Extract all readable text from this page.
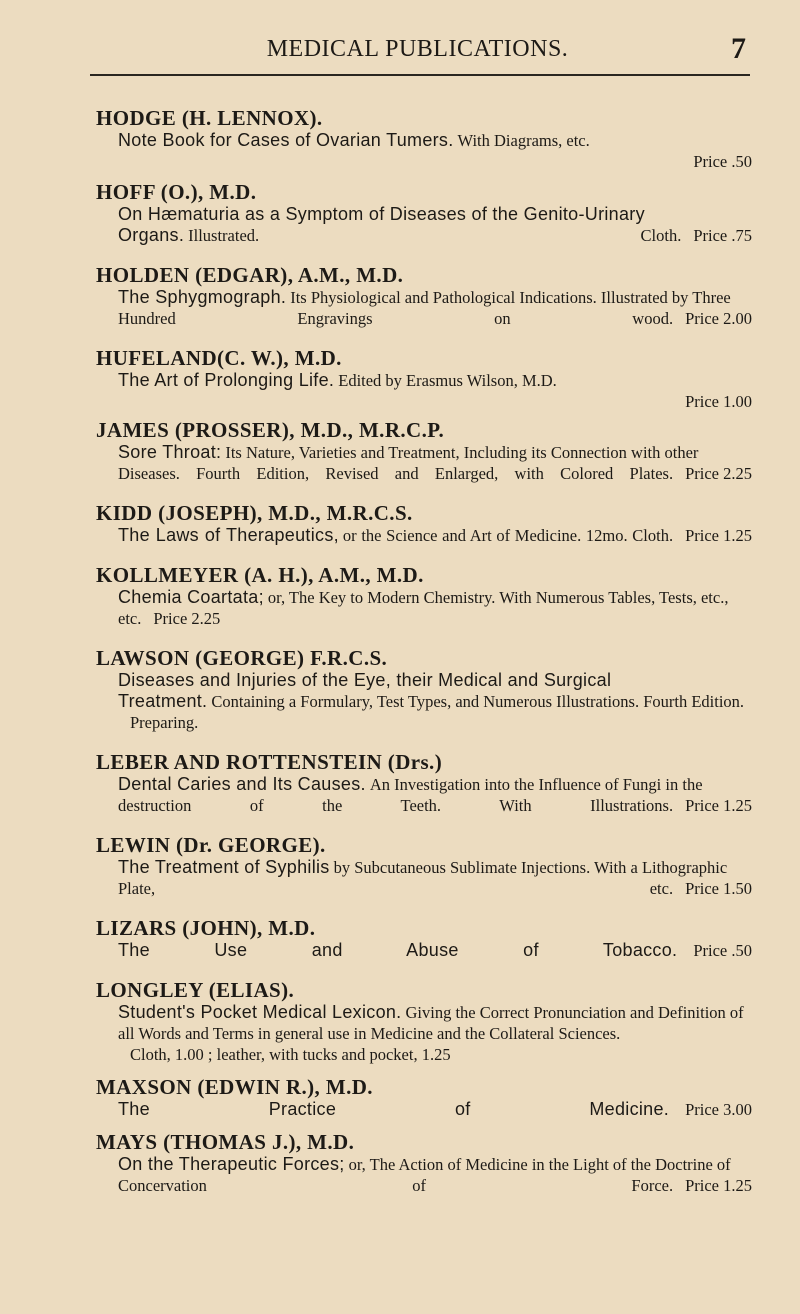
MEDICAL PUBLICATIONS.	7
HODGE (H. LENNOX).
Note Book for Cases of Ovarian Tumers. With Diagrams, etc.
Price .50
HOFF (O.), M.D.
On Hæmaturia as a Symptom of Diseases of the Genito-Urinary Organs. Illustrated. Cloth. Price .75
HOLDEN (EDGAR), A.M., M.D.
The Sphygmograph. Its Physiological and Pathological Indications. Illustrated by Three Hundred Engravings on wood. Price 2.00
HUFELAND(C. W.), M.D.
The Art of Prolonging Life. Edited by Erasmus Wilson, M.D.
Price 1.00
JAMES (PROSSER), M.D., M.R.C.P.
Sore Throat: Its Nature, Varieties and Treatment, Including its Connection with other Diseases. Fourth Edition, Revised and Enlarged, with Colored Plates. Price 2.25
KIDD (JOSEPH), M.D., M.R.C.S.
The Laws of Therapeutics, or the Science and Art of Medicine. 12mo. Cloth. Price 1.25
KOLLMEYER (A. H.), A.M., M.D.
Chemia Coartata; or, The Key to Modern Chemistry. With Numerous Tables, Tests, etc., etc. Price 2.25
LAWSON (GEORGE) F.R.C.S.
Diseases and Injuries of the Eye, their Medical and Surgical Treatment. Containing a Formulary, Test Types, and Numerous Illustrations. Fourth Edition.Preparing.
LEBER AND ROTTENSTEIN (Drs.)
Dental Caries and Its Causes. An Investigation into the Influence of Fungi in the destruction of the Teeth. With Illustrations. Price 1.25
LEWIN (Dr. GEORGE).
The Treatment of Syphilis by Subcutaneous Sublimate Injections. With a Lithographic Plate, etc. Price 1.50
LIZARS (JOHN), M.D.
The Use and Abuse of Tobacco. Price .50
LONGLEY (ELIAS).
Student's Pocket Medical Lexicon. Giving the Correct Pronunciation and Definition of all Words and Terms in general use in Medicine and the Collateral Sciences.Cloth, 1.00 ; leather, with tucks and pocket, 1.25
MAXSON (EDWIN R.), M.D.
The Practice of Medicine. Price 3.00
MAYS (THOMAS J.), M.D.
On the Therapeutic Forces; or, The Action of Medicine in the Light of the Doctrine of Concervation of Force. Price 1.25
